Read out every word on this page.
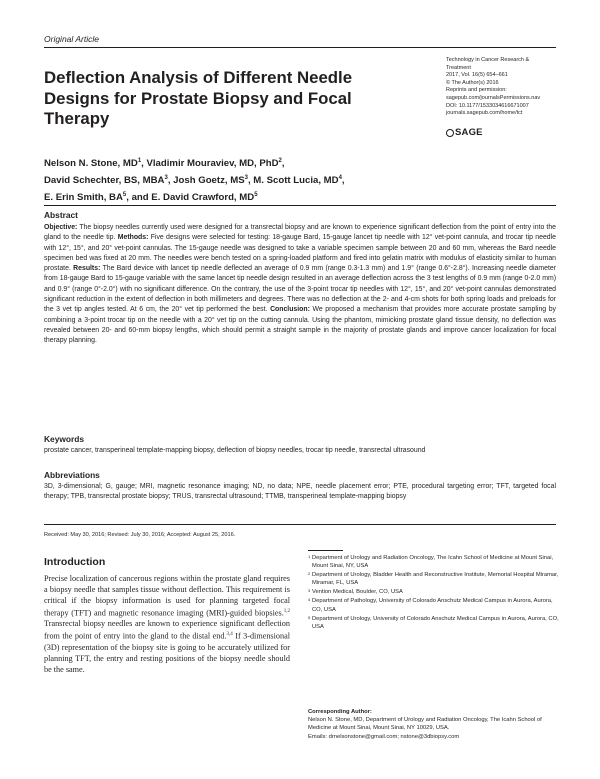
Original Article
Deflection Analysis of Different Needle Designs for Prostate Biopsy and Focal Therapy
Technology in Cancer Research &
Treatment
2017, Vol. 16(5) 654–661
© The Author(s) 2016
Reprints and permission:
sagepub.com/journalsPermissions.nav
DOI: 10.1177/1533034616671007
journals.sagepub.com/home/tct
SAGE
Nelson N. Stone, $MD^1$, Vladimir Mouraviev, MD, PhD$^2$,
David Schechter, BS, MBA$^3$, Josh Goetz, $MS^3$, M. Scott Lucia, $MD^4$,
E. Erin Smith, $BA^5$, and E. David Crawford, $MD^5$
Abstract
Objective: The biopsy needles currently used were designed for a transrectal biopsy and are known to experience significant deflection from the point of entry into the gland to the needle tip. Methods: Five designs were selected for testing: 18-gauge Bard, 15-gauge lancet tip needle with 12° vet-point cannula, and trocar tip needle with 12°, 15°, and 20° vet-point cannulas. The 15-gauge needle was designed to take a variable specimen sample between 20 and 60 mm, whereas the Bard needle specimen bed was fixed at 20 mm. The needles were bench tested on a spring-loaded platform and fired into gelatin matrix with modulus of elasticity similar to human prostate. Results: The Bard device with lancet tip needle deflected an average of 0.9 mm (range 0.3-1.3 mm) and 1.9° (range 0.6°-2.8°). Increasing needle diameter from 18-gauge Bard to 15-gauge variable with the same lancet tip needle design resulted in an average deflection across the 3 test lengths of 0.9 mm (range 0-2.0 mm) and 0.9° (range 0°-2.0°) with no significant difference. On the contrary, the use of the 3-point trocar tip needles with 12°, 15°, and 20° vet-point cannulas demonstrated significant reduction in the extent of deflection in both millimeters and degrees. There was no deflection at the 2- and 4-cm shots for both spring loads and preloads for the 3 vet tip angles tested. At 6 cm, the 20° vet tip performed the best. Conclusion: We proposed a mechanism that provides more accurate prostate sampling by combining a 3-point trocar tip on the needle with a 20° vet tip on the cutting cannula. Using the phantom, mimicking prostate gland tissue density, no deflection was revealed between 20- and 60-mm biopsy lengths, which should permit a straight sample in the majority of prostate glands and improve cancer localization for focal therapy planning.
Keywords
prostate cancer, transperineal template-mapping biopsy, deflection of biopsy needles, trocar tip needle, transrectal ultrasound
Abbreviations
3D, 3-dimensional; G, gauge; MRI, magnetic resonance imaging; ND, no data; NPE, needle placement error; PTE, procedural targeting error; TFT, targeted focal therapy; TPB, transrectal prostate biopsy; TRUS, transrectal ultrasound; TTMB, transperineal template-mapping biopsy
Received: May 30, 2016; Revised: July 30, 2016; Accepted: August 25, 2016.
Introduction
Precise localization of cancerous regions within the prostate gland requires a biopsy needle that samples tissue without deflection. This requirement is critical if the biopsy information is used for planning targeted focal therapy (TFT) and magnetic resonance imaging (MRI)-guided biopsies.$^{1,2}$ Transrectal biopsy needles are known to experience significant deflection from the point of entry into the gland to the distal end.$^{3,4}$ If 3-dimensional (3D) representation of the biopsy site is going to be accurately utilized for planning TFT, the entry and resting positions of the biopsy needle should be the same.
1 Department of Urology and Radiation Oncology, The Icahn School of Medicine at Mount Sinai, Mount Sinai, NY, USA
2 Department of Urology, Bladder Health and Reconstructive Institute, Memorial Hospital Miramar, Miramar, FL, USA
3 Vention Medical, Boulder, CO, USA
4 Department of Pathology, University of Colorado Anschutz Medical Campus in Aurora, Aurora, CO, USA
5 Department of Urology, University of Colorado Anschutz Medical Campus in Aurora, Aurora, CO, USA
Corresponding Author:
Nelson N. Stone, MD, Department of Urology and Radiation Oncology, The Icahn School of Medicine at Mount Sinai, Mount Sinai, NY 10029, USA.
Emails: drnelsonstone@gmail.com; nstone@3dbiopsy.com
